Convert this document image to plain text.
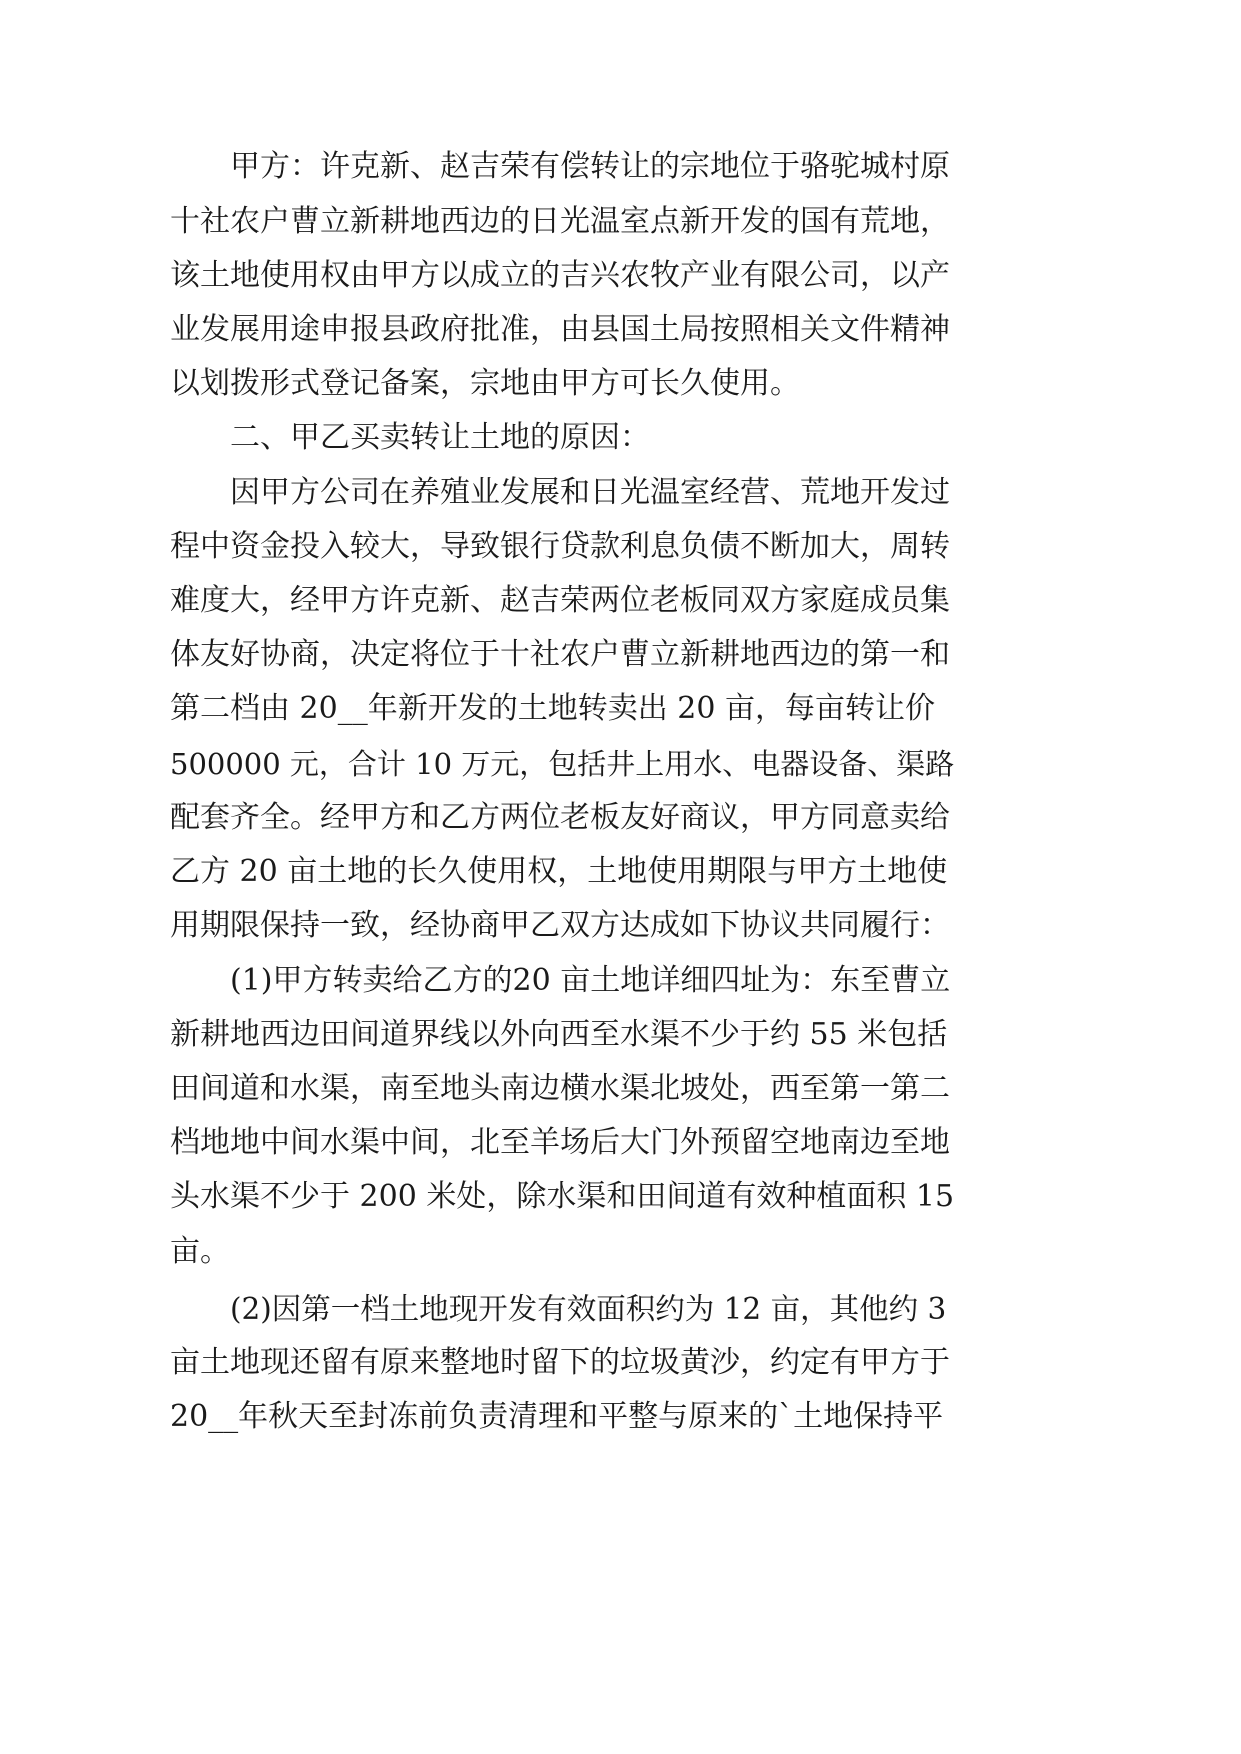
甲方：许克新、赵吉荣有偿转让的宗地位于骆驼城村原
十社农户曹立新耕地西边的日光温室点新开发的国有荒地，
该土地使用权由甲方以成立的吉兴农牧产业有限公司，以产
业发展用途申报县政府批准，由县国土局按照相关文件精神
以划拨形式登记备案，宗地由甲方可长久使用。
二、甲乙买卖转让土地的原因：
因甲方公司在养殖业发展和日光温室经营、荒地开发过
程中资金投入较大，导致银行贷款利息负债不断加大，周转
难度大，经甲方许克新、赵吉荣两位老板同双方家庭成员集
体友好协商，决定将位于十社农户曹立新耕地西边的第一和
第二档由 20__年新开发的土地转卖出 20 亩，每亩转让价
500000 元，合计 10 万元，包括井上用水、电器设备、渠路
配套齐全。经甲方和乙方两位老板友好商议，甲方同意卖给
乙方 20 亩土地的长久使用权，土地使用期限与甲方土地使
用期限保持一致，经协商甲乙双方达成如下协议共同履行：
(1)甲方转卖给乙方的20 亩土地详细四址为：东至曹立
新耕地西边田间道界线以外向西至水渠不少于约 55 米包括
田间道和水渠，南至地头南边横水渠北坡处，西至第一第二
档地地中间水渠中间，北至羊场后大门外预留空地南边至地
头水渠不少于 200 米处，除水渠和田间道有效种植面积 15
亩。
(2)因第一档土地现开发有效面积约为 12 亩，其他约 3
亩土地现还留有原来整地时留下的垃圾黄沙，约定有甲方于
20__年秋天至封冻前负责清理和平整与原来的`土地保持平
